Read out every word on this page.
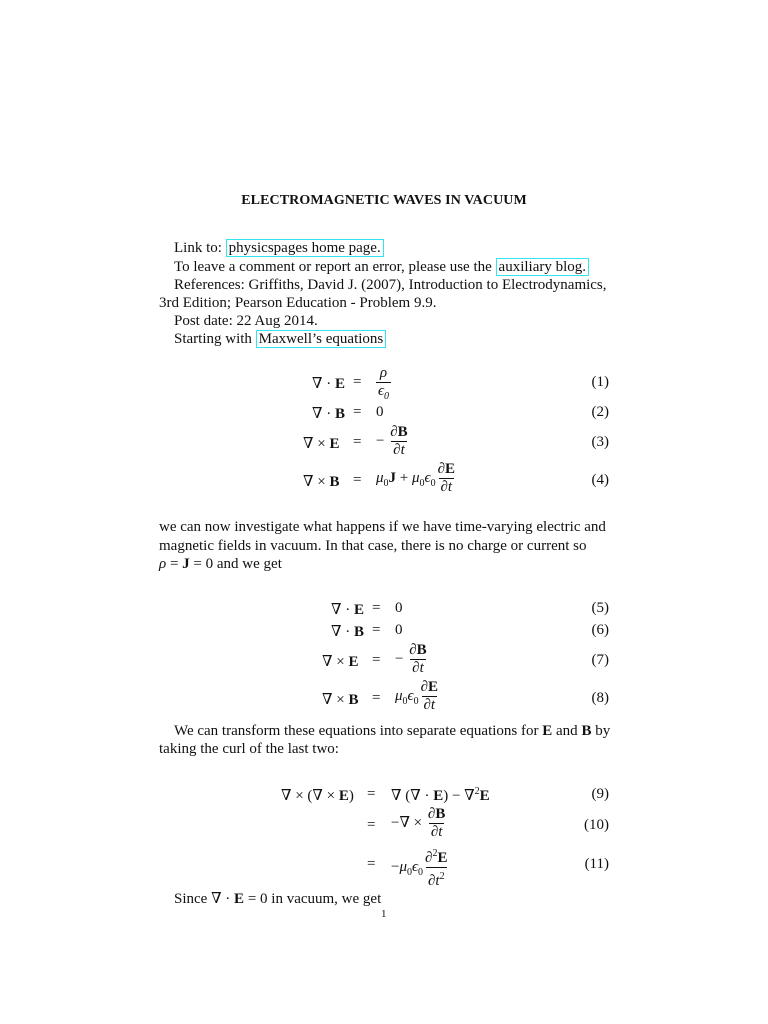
ELECTROMAGNETIC WAVES IN VACUUM
Link to: physicspages home page.
To leave a comment or report an error, please use the auxiliary blog.
References: Griffiths, David J. (2007), Introduction to Electrodynamics,
3rd Edition; Pearson Education - Problem 9.9.
Post date: 22 Aug 2014.
Starting with Maxwell’s equations
∇ · $E = \frac{\rho}{\epsilon_0}$	(1)
∇ · B = 0	(2)
∇ × E = − $\frac{\partial B}{\partial t}$	(3)
∇ × $B = \mu_0J + \mu_0\epsilon_0 \frac{\partial E}{\partial t}$	(4)
we can now investigate what happens if we have time-varying electric and
magnetic fields in vacuum. In that case, there is no charge or current so
ρ = J = 0 and we get
∇ · E = 0	(5)
∇ · B = 0	(6)
∇ × E = − $\frac{\partial B}{\partial t}$	(7)
∇ × $B = \mu_0\epsilon_0 \frac{\partial E}{\partial t}$	(8)
We can transform these equations into separate equations for E and B by
taking the curl of the last two:
∇ × (∇ × E) = ∇ (∇ · E) − ∇$^2$E	(9)
= −∇ × $\frac{\partial B}{\partial t}$	(10)
= $-\mu_0\epsilon_0 \frac{\partial^2E}{\partial t^2}$	(11)
Since ∇ · E = 0 in vacuum, we get
1
